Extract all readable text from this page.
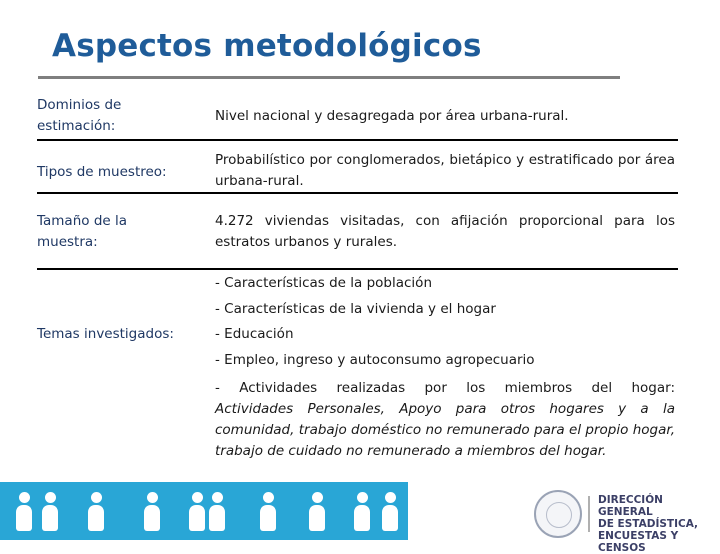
Aspectos metodológicos
Dominios de estimación:
Nivel nacional y desagregada por área urbana-rural.
Tipos de muestreo:
Probabilístico por conglomerados, bietápico y estratificado por área urbana-rural.
Tamaño de la muestra:
4.272 viviendas visitadas, con afijación proporcional para los estratos urbanos y rurales.
Temas investigados:
- Características de la población
- Características de la vivienda y el hogar
- Educación
- Empleo, ingreso y autoconsumo agropecuario
- Actividades realizadas por los miembros del hogar:
Actividades Personales, Apoyo para otros hogares y a la comunidad, trabajo doméstico no remunerado para el propio hogar, trabajo de cuidado no remunerado a miembros del hogar.
DIRECCIÓN GENERAL
DE ESTADÍSTICA,
ENCUESTAS Y CENSOS
